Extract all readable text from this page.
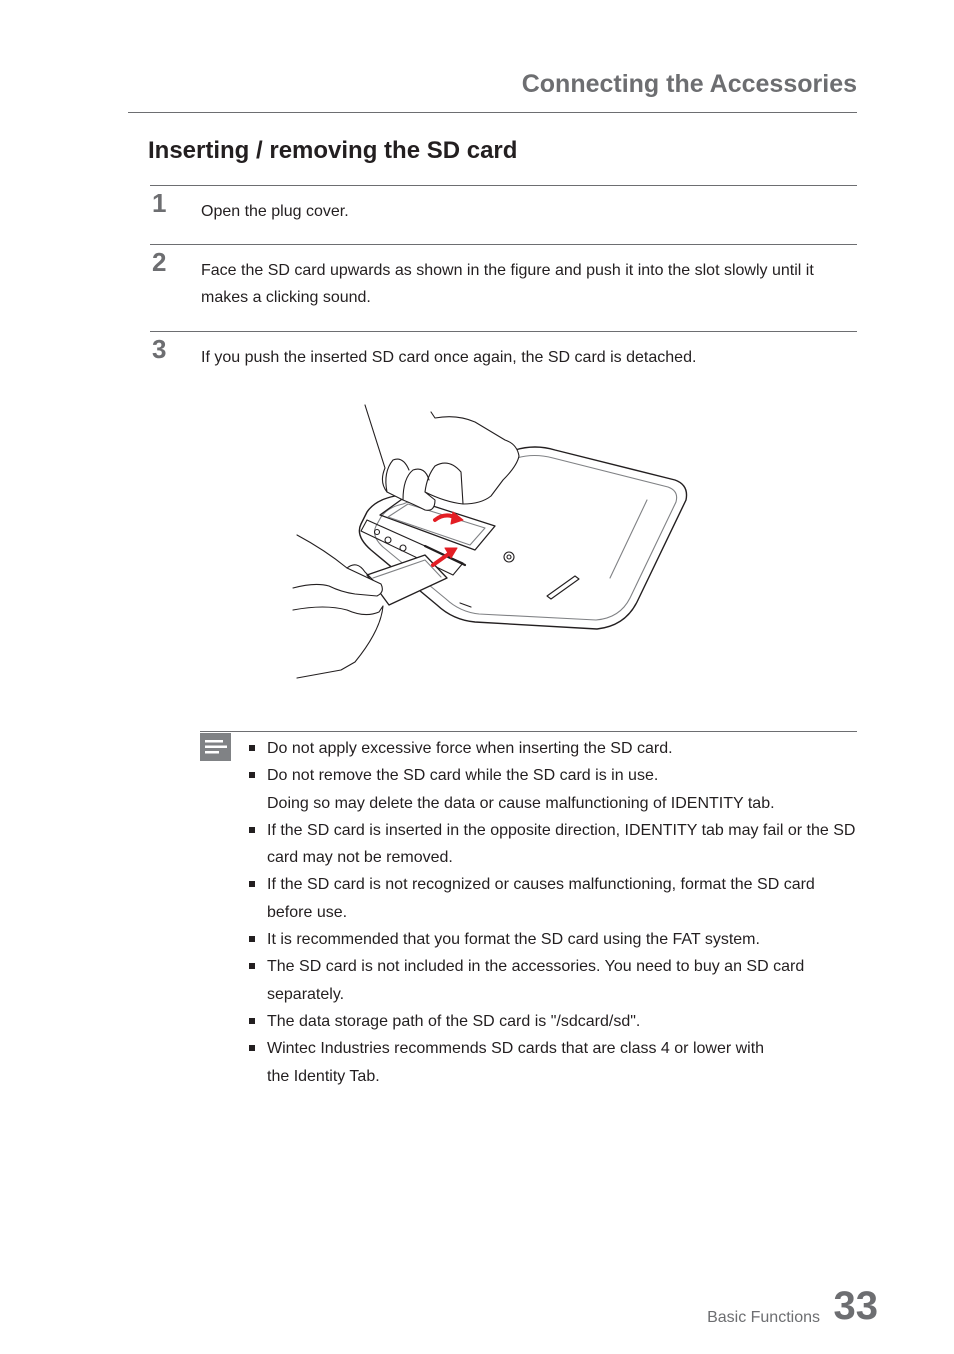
Connecting the Accessories
Inserting / removing the SD card
1 Open the plug cover.
2 Face the SD card upwards as shown in the figure and push it into the slot slowly until it makes a clicking sound.
3 If you push the inserted SD card once again, the SD card is detached.
Do not apply excessive force when inserting the SD card.
Do not remove the SD card while the SD card is in use.
Doing so may delete the data or cause malfunctioning of IDENTITY tab.
If the SD card is inserted in the opposite direction, IDENTITY tab may fail or the SD card may not be removed.
If the SD card is not recognized or causes malfunctioning, format the SD card before use.
It is recommended that you format the SD card using the FAT system.
The SD card is not included in the accessories. You need to buy an SD card separately.
The data storage path of the SD card is "/sdcard/sd".
Wintec Industries recommends SD cards that are class 4 or lower with
the Identity Tab.
Basic Functions 33
